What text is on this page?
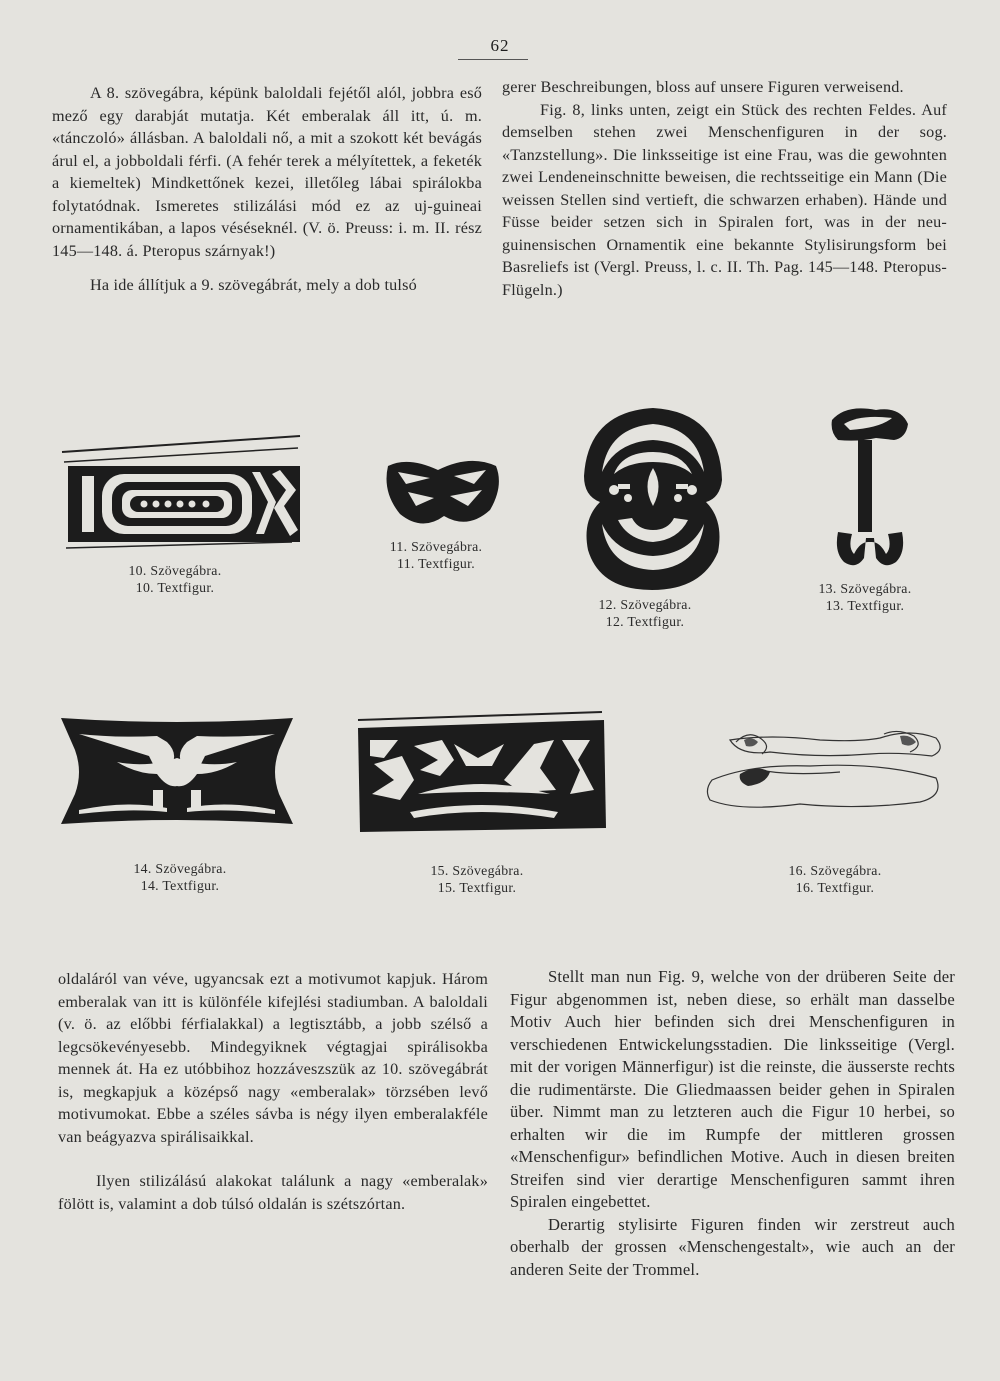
62

A 8. szövegábra, képünk baloldali fejétől alól, jobbra eső mező egy darabját mutatja. Két emberalak áll itt, ú. m. «tánczoló» állásban. A baloldali nő, a mit a szokott két bevágás árul el, a jobboldali férfi. (A fehér terek a mélyítettek, a feketék a kiemeltek) Mindkettőnek kezei, illetőleg lábai spirálokba folytatódnak. Ismeretes stilizálási mód ez az uj-guineai ornamentikában, a lapos véséseknél. (V. ö. Preuss: i. m. II. rész 145—148. á. Pteropus szárnyak!)

Ha ide állítjuk a 9. szövegábrát, mely a dob tulsó

gerer Beschreibungen, bloss auf unsere Figuren verweisend.

Fig. 8, links unten, zeigt ein Stück des rechten Feldes. Auf demselben stehen zwei Menschenfiguren in der sog. «Tanzstellung». Die linksseitige ist eine Frau, was die gewohnten zwei Lendeneinschnitte beweisen, die rechtsseitige ein Mann (Die weissen Stellen sind vertieft, die schwarzen erhaben). Hände und Füsse beider setzen sich in Spiralen fort, was in der neu-guinensischen Ornamentik eine bekannte Stylisirungsform bei Basreliefs ist (Vergl. Preuss, l. c. II. Th. Pag. 145—148. Pteropus-Flügeln.)

10. Szövegábra.
10. Textfigur.
11. Szövegábra.
11. Textfigur.
12. Szövegábra.
12. Textfigur.
13. Szövegábra.
13. Textfigur.
14. Szövegábra.
14. Textfigur.
15. Szövegábra.
15. Textfigur.
16. Szövegábra.
16. Textfigur.

oldaláról van véve, ugyancsak ezt a motivumot kapjuk. Három emberalak van itt is különféle kifejlési stadiumban. A baloldali (v. ö. az előbbi férfialakkal) a legtisztább, a jobb szélső a legcsökevényesebb. Mindegyiknek végtagjai spirálisokba mennek át. Ha ez utóbbihoz hozzáveszszük az 10. szövegábrát is, megkapjuk a középső nagy «emberalak» törzsében levő motivumokat. Ebbe a széles sávba is négy ilyen emberalakféle van beágyazva spirálisaikkal.

Ilyen stilizálású alakokat találunk a nagy «emberalak» fölött is, valamint a dob túlsó oldalán is szétszórtan.

Stellt man nun Fig. 9, welche von der drüberen Seite der Figur abgenommen ist, neben diese, so erhält man dasselbe Motiv Auch hier befinden sich drei Menschenfiguren in verschiedenen Entwickelungsstadien. Die linksseitige (Vergl. mit der vorigen Männerfigur) ist die reinste, die äusserste rechts die rudimentärste. Die Gliedmaassen beider gehen in Spiralen über. Nimmt man zu letzteren auch die Figur 10 herbei, so erhalten wir die im Rumpfe der mittleren grossen «Menschenfigur» befindlichen Motive. Auch in diesen breiten Streifen sind vier derartige Menschenfiguren sammt ihren Spiralen eingebettet.

Derartig stylisirte Figuren finden wir zerstreut auch oberhalb der grossen «Menschengestalt», wie auch an der anderen Seite der Trommel.
